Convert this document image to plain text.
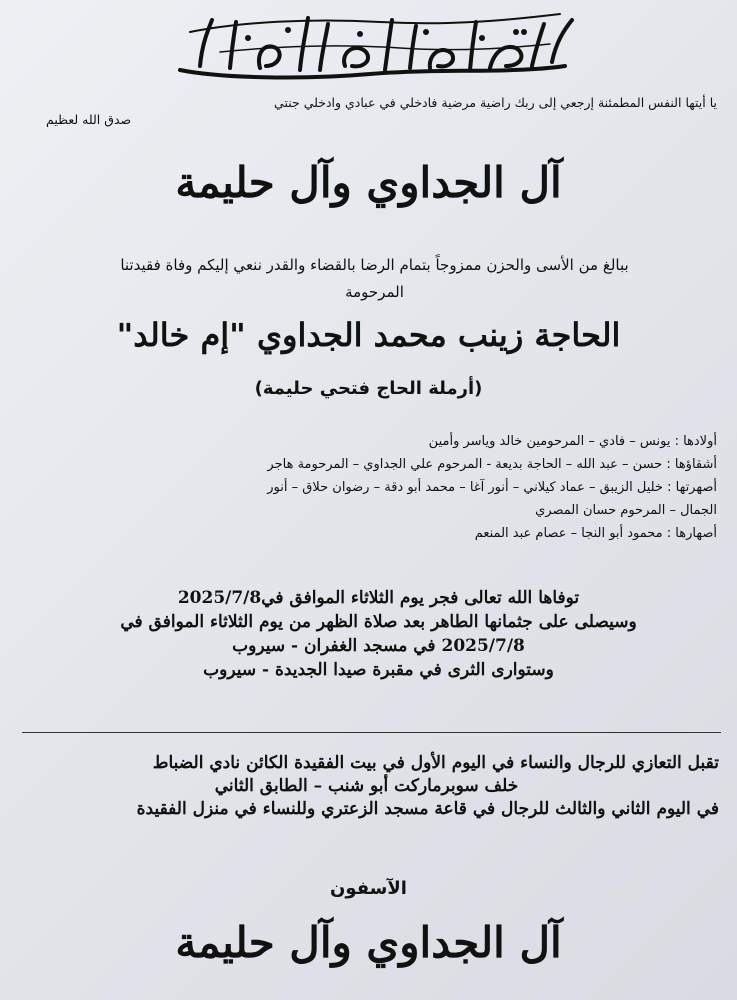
يا أيتها النفس المطمئنة إرجعي إلى ربك راضية مرضية فادخلي في عبادي وادخلي جنتي
صدق الله لعظيم
آل الجداوي وآل حليمة
ببالغ من الأسى والحزن ممزوجاً بتمام الرضا بالقضاء والقدر ننعي إليكم وفاة فقيدتنا
المرحومة
الحاجة زينب محمد الجداوي "إم خالد"
(أرملة الحاج فتحي حليمة)
أولادها : يونس – فادي – المرحومين خالد وياسر وأمين
أشقاؤها : حسن – عبد الله – الحاجة بديعة - المرحوم علي الجداوي – المرحومة هاجر
أصهرتها : خليل الزيبق – عماد كيلاني – أنور آغا – محمد أبو دقة – رضوان حلاق – أنور
الجمال – المرحوم حسان المصري
أصهارها : محمود أبو النجا – عصام عبد المنعم
توفاها الله تعالى فجر يوم الثلاثاء الموافق في2025/7/8
وسيصلى على جثمانها الطاهر بعد صلاة الظهر من يوم الثلاثاء الموافق في
2025/7/8 في مسجد الغفران - سيروب
وستوارى الثرى في مقبرة صيدا الجديدة - سيروب
تقبل التعازي للرجال والنساء في اليوم الأول في بيت الفقيدة الكائن نادي الضباط
خلف سوبرماركت أبو شنب – الطابق الثاني
في اليوم الثاني والثالث للرجال في قاعة مسجد الزعتري وللنساء في منزل الفقيدة
الآسفون
آل الجداوي وآل حليمة
